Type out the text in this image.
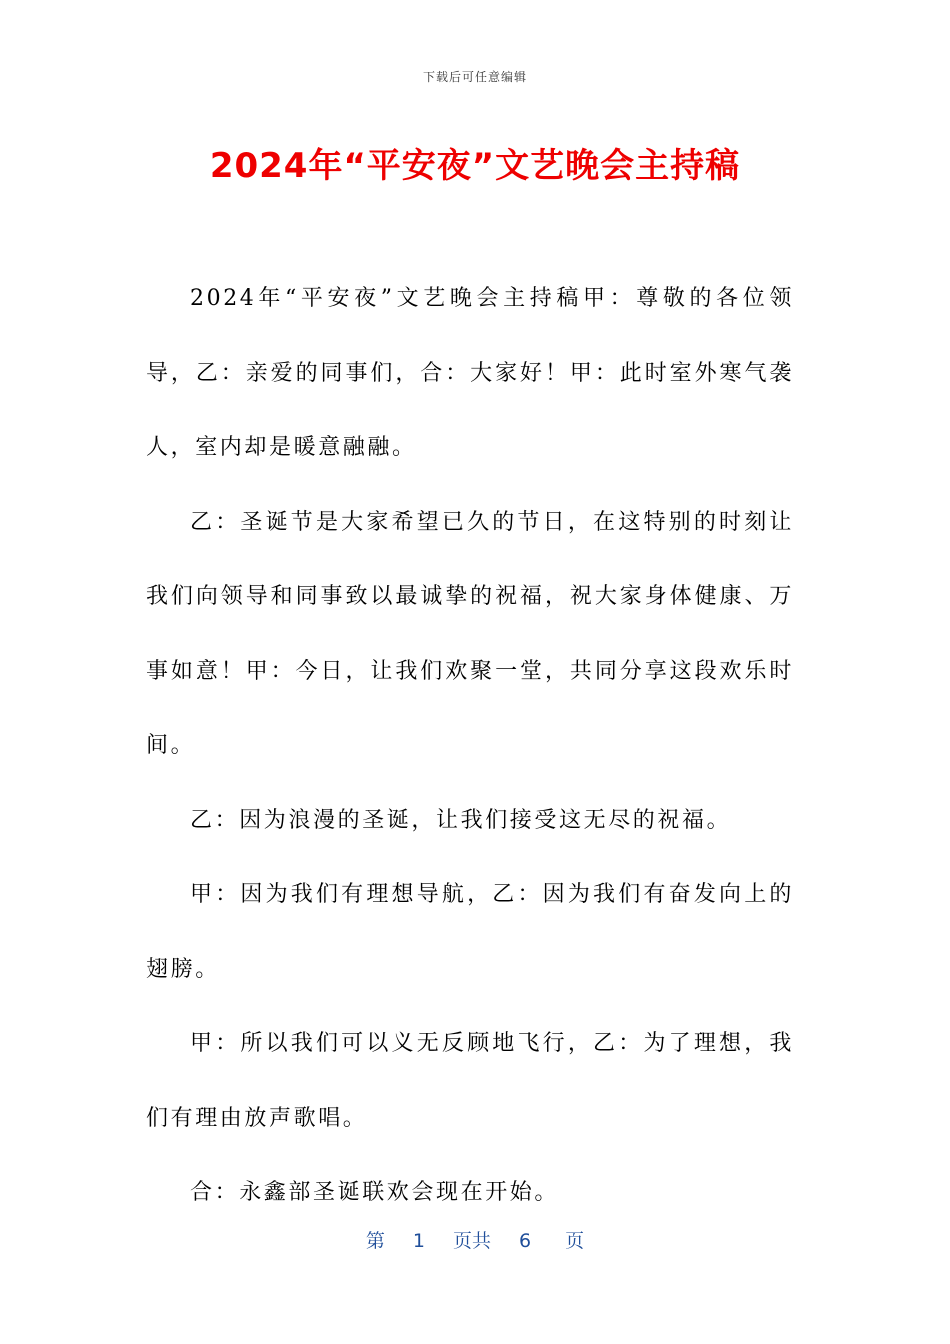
下载后可任意编辑
2024年“平安夜”文艺晚会主持稿

2024年“平安夜”文艺晚会主持稿甲：尊敬的各位领导，乙：亲爱的同事们，合：大家好！甲：此时室外寒气袭人，室内却是暖意融融。

乙：圣诞节是大家希望已久的节日，在这特别的时刻让我们向领导和同事致以最诚挚的祝福，祝大家身体健康、万事如意！甲：今日，让我们欢聚一堂，共同分享这段欢乐时间。

乙：因为浪漫的圣诞，让我们接受这无尽的祝福。

甲：因为我们有理想导航，乙：因为我们有奋发向上的翅膀。

甲：所以我们可以义无反顾地飞行，乙：为了理想，我们有理由放声歌唱。

合：永鑫部圣诞联欢会现在开始。

第 1 页共 6 页
